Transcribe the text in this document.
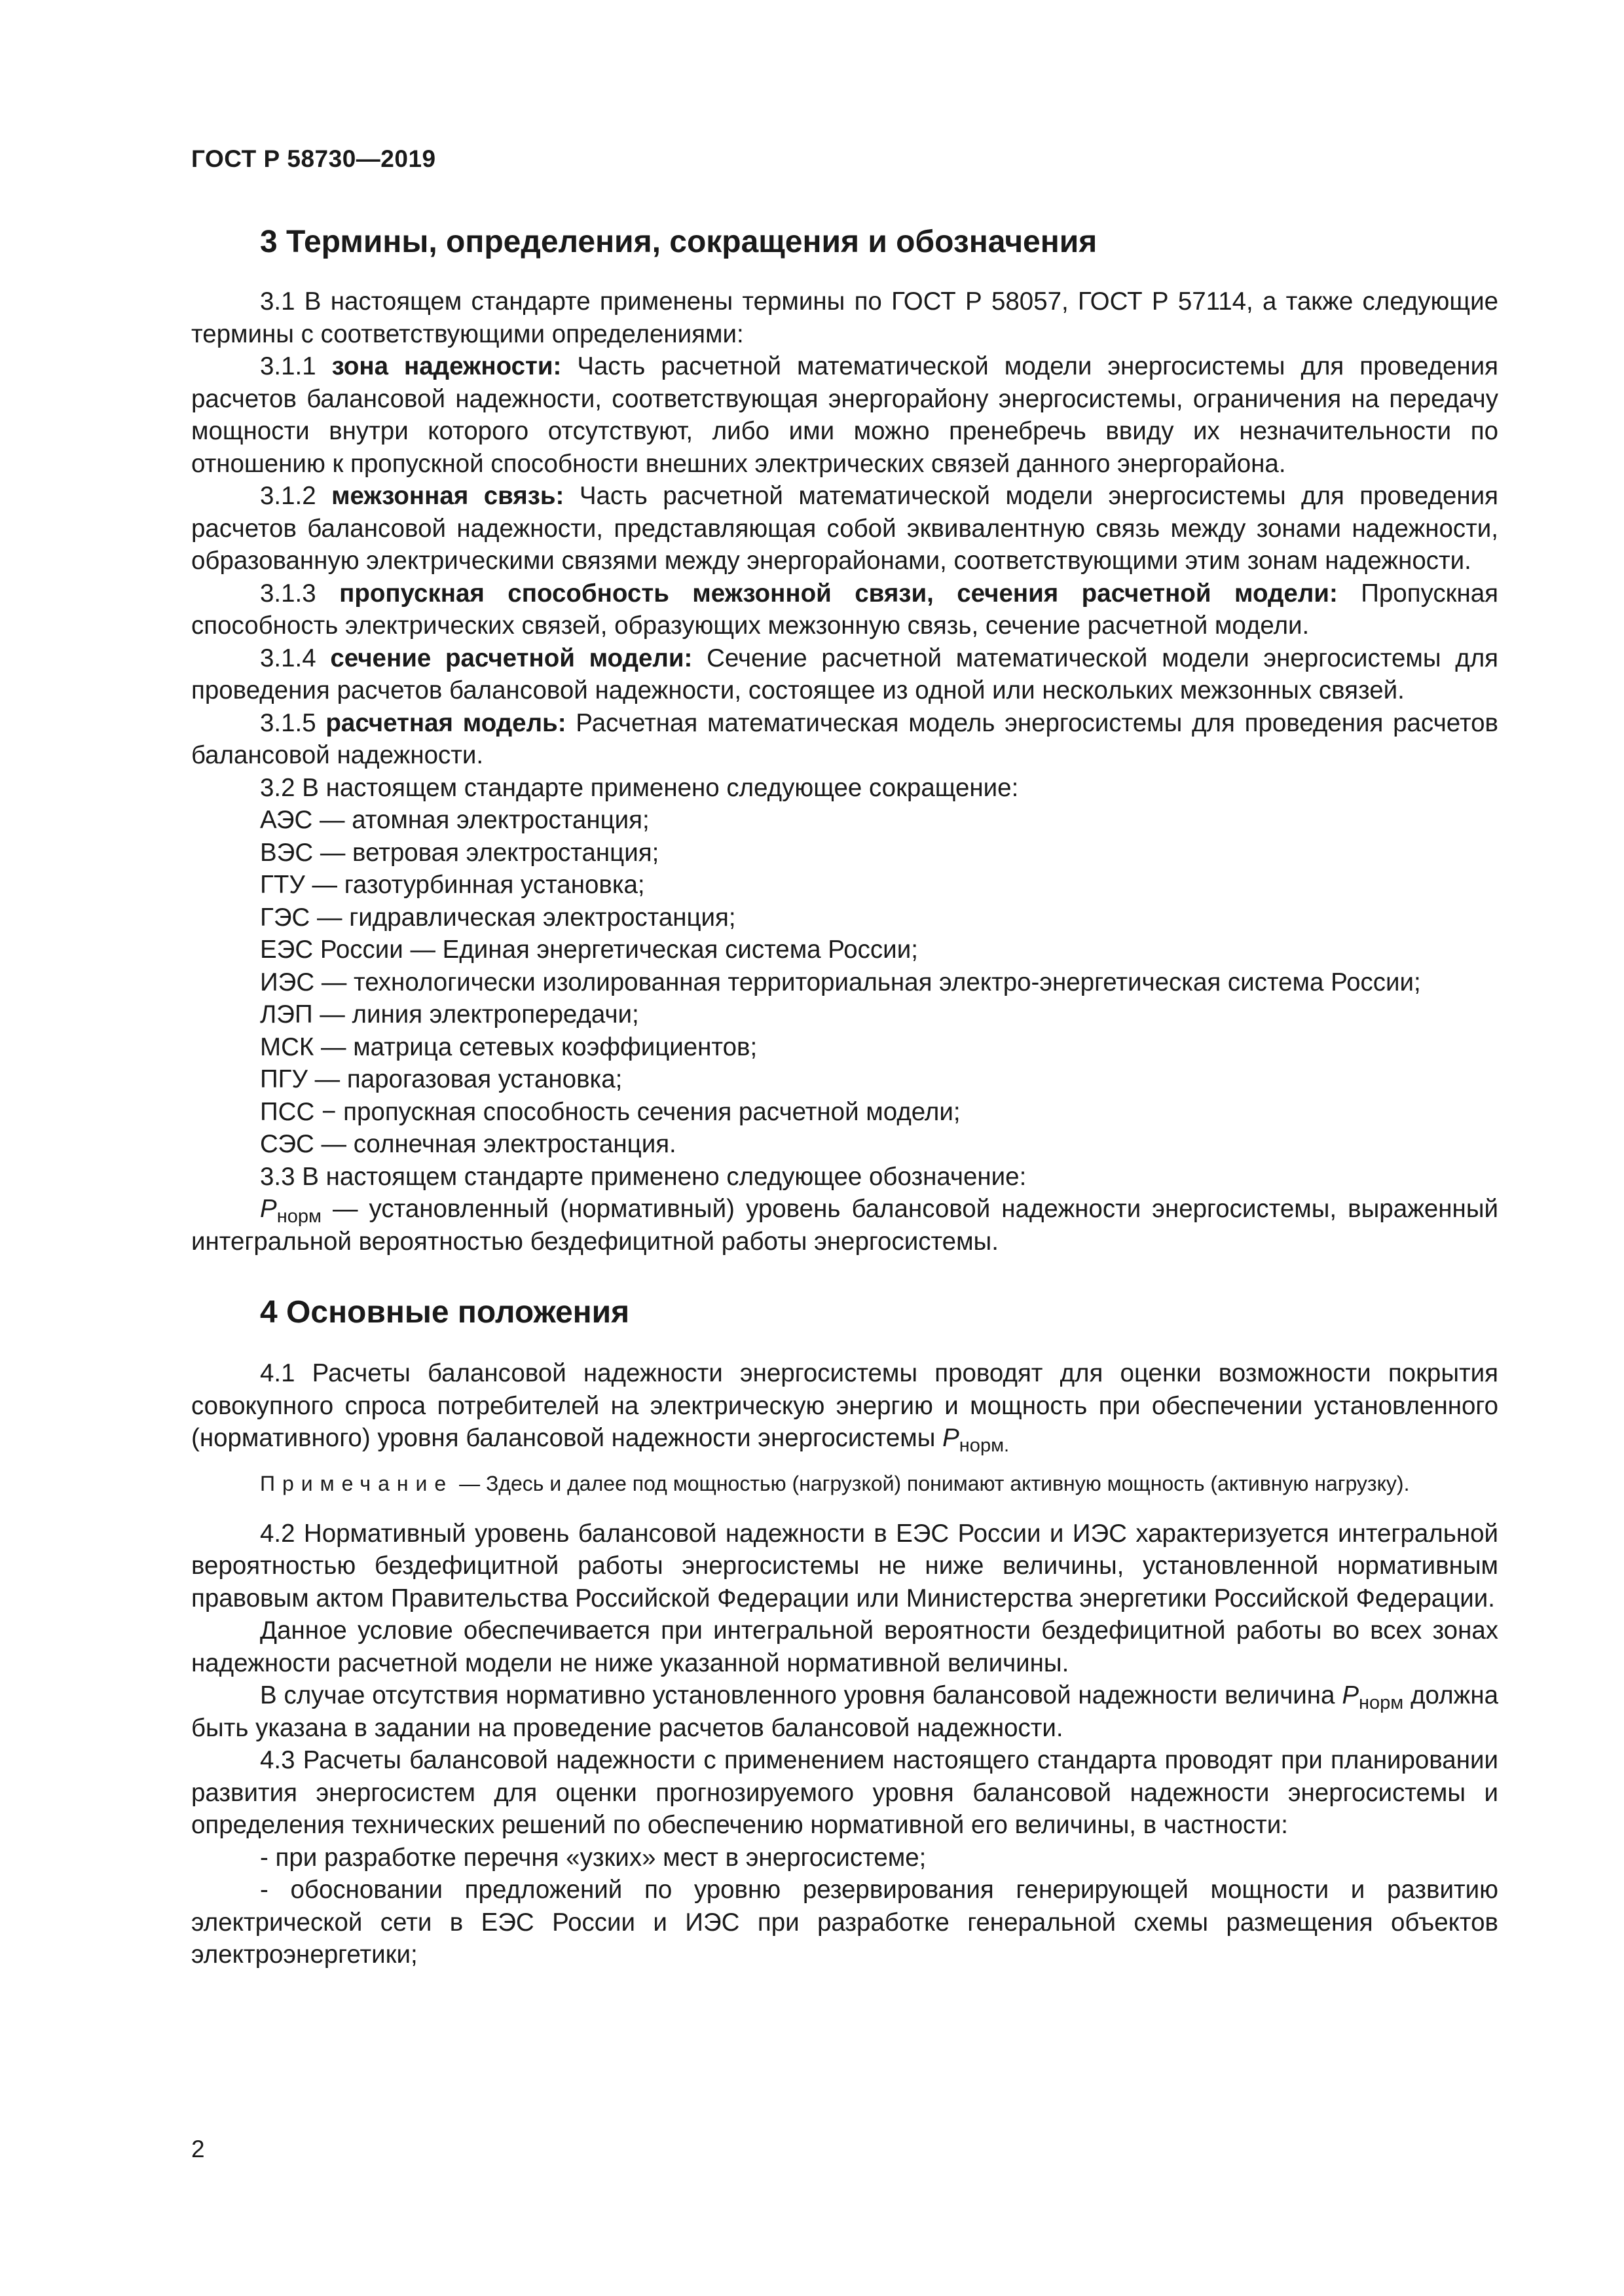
ГОСТ Р 58730—2019
3 Термины, определения, сокращения и обозначения

3.1 В настоящем стандарте применены термины по ГОСТ Р 58057, ГОСТ Р 57114, а также следующие термины с соответствующими определениями:

3.1.1 зона надежности: Часть расчетной математической модели энергосистемы для проведения расчетов балансовой надежности, соответствующая энергорайону энергосистемы, ограничения на передачу мощности внутри которого отсутствуют, либо ими можно пренебречь ввиду их незначительности по отношению к пропускной способности внешних электрических связей данного энергорайона.

3.1.2 межзонная связь: Часть расчетной математической модели энергосистемы для проведения расчетов балансовой надежности, представляющая собой эквивалентную связь между зонами надежности, образованную электрическими связями между энергорайонами, соответствующими этим зонам надежности.

3.1.3 пропускная способность межзонной связи, сечения расчетной модели: Пропускная способность электрических связей, образующих межзонную связь, сечение расчетной модели.

3.1.4 сечение расчетной модели: Сечение расчетной математической модели энергосистемы для проведения расчетов балансовой надежности, состоящее из одной или нескольких межзонных связей.

3.1.5 расчетная модель: Расчетная математическая модель энергосистемы для проведения расчетов балансовой надежности.

3.2 В настоящем стандарте применено следующее сокращение:

АЭС — атомная электростанция;

ВЭС — ветровая электростанция;

ГТУ — газотурбинная установка;

ГЭС — гидравлическая электростанция;

ЕЭС России — Единая энергетическая система России;

ИЭС — технологически изолированная территориальная электро-энергетическая система России;

ЛЭП — линия электропередачи;

МСК — матрица сетевых коэффициентов;

ПГУ — парогазовая установка;

ПСС − пропускная способность сечения расчетной модели;

СЭС — солнечная электростанция.

3.3 В настоящем стандарте применено следующее обозначение:

$P_{норм}$ — установленный (нормативный) уровень балансовой надежности энергосистемы, выраженный интегральной вероятностью бездефицитной работы энергосистемы.

4 Основные положения

4.1 Расчеты балансовой надежности энергосистемы проводят для оценки возможности покрытия совокупного спроса потребителей на электрическую энергию и мощность при обеспечении установленного (нормативного) уровня балансовой надежности энергосистемы $P_{норм.}$

Примечание — Здесь и далее под мощностью (нагрузкой) понимают активную мощность (активную нагрузку).

4.2 Нормативный уровень балансовой надежности в ЕЭС России и ИЭС характеризуется интегральной вероятностью бездефицитной работы энергосистемы не ниже величины, установленной нормативным правовым актом Правительства Российской Федерации или Министерства энергетики Российской Федерации.

Данное условие обеспечивается при интегральной вероятности бездефицитной работы во всех зонах надежности расчетной модели не ниже указанной нормативной величины.

В случае отсутствия нормативно установленного уровня балансовой надежности величина $P_{норм}$ должна быть указана в задании на проведение расчетов балансовой надежности.

4.3 Расчеты балансовой надежности с применением настоящего стандарта проводят при планировании развития энергосистем для оценки прогнозируемого уровня балансовой надежности энергосистемы и определения технических решений по обеспечению нормативной его величины, в частности:

- при разработке перечня «узких» мест в энергосистеме;

- обосновании предложений по уровню резервирования генерирующей мощности и развитию электрической сети в ЕЭС России и ИЭС при разработке генеральной схемы размещения объектов электроэнергетики;

2
